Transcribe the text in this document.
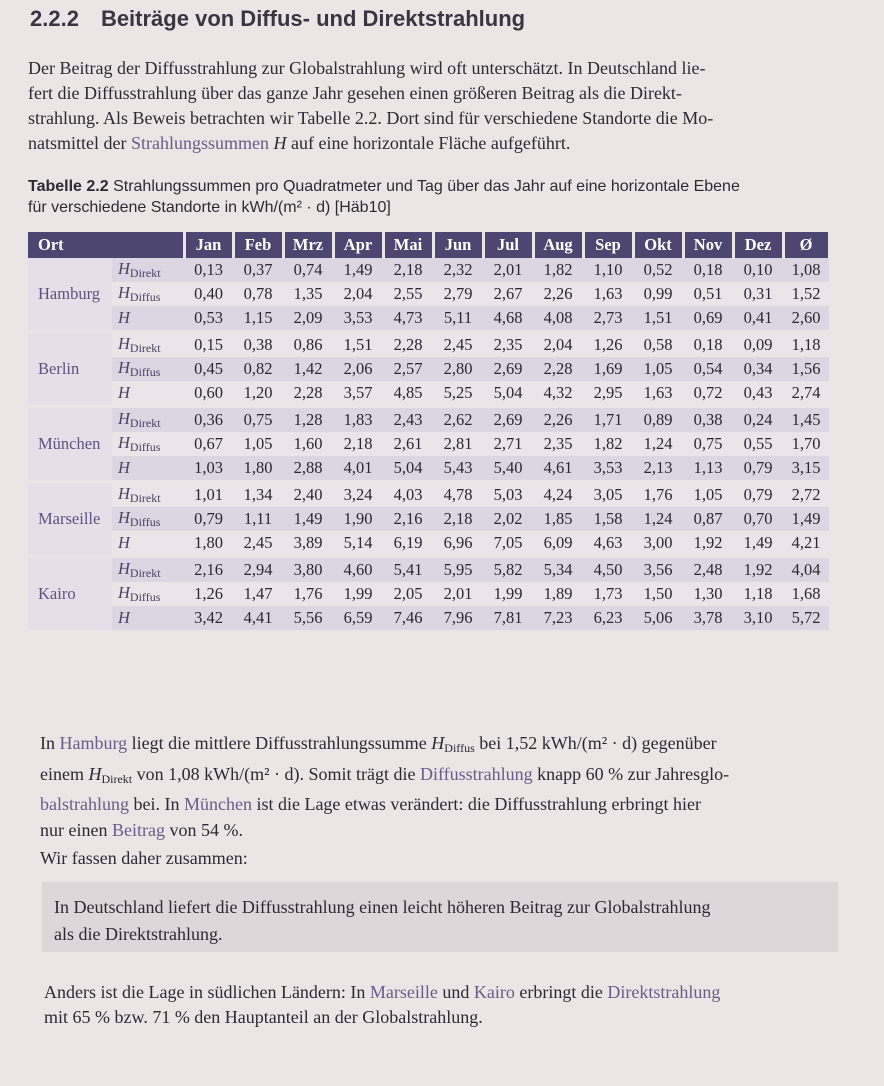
2.2.2 Beiträge von Diffus- und Direktstrahlung
Der Beitrag der Diffusstrahlung zur Globalstrahlung wird oft unterschätzt. In Deutschland lie-
fert die Diffusstrahlung über das ganze Jahr gesehen einen größeren Beitrag als die Direkt-
strahlung. Als Beweis betrachten wir Tabelle 2.2. Dort sind für verschiedene Standorte die Mo-
natsmittel der Strahlungssummen H auf eine horizontale Fläche aufgeführt.
Tabelle 2.2 Strahlungssummen pro Quadratmeter und Tag über das Jahr auf eine horizontale Ebene
für verschiedene Standorte in kWh/(m² · d) [Häb10]
Ort		Jan	Feb	Mrz	Apr	Mai	Jun	Jul	Aug	Sep	Okt	Nov	Dez	Ø
Hamburg	$H_{Direkt}$	0,13	0,37	0,74	1,49	2,18	2,32	2,01	1,82	1,10	0,52	0,18	0,10	1,08
	$H_{Diffus}$	0,40	0,78	1,35	2,04	2,55	2,79	2,67	2,26	1,63	0,99	0,51	0,31	1,52
	H	0,53	1,15	2,09	3,53	4,73	5,11	4,68	4,08	2,73	1,51	0,69	0,41	2,60
Berlin	$H_{Direkt}$	0,15	0,38	0,86	1,51	2,28	2,45	2,35	2,04	1,26	0,58	0,18	0,09	1,18
	$H_{Diffus}$	0,45	0,82	1,42	2,06	2,57	2,80	2,69	2,28	1,69	1,05	0,54	0,34	1,56
	H	0,60	1,20	2,28	3,57	4,85	5,25	5,04	4,32	2,95	1,63	0,72	0,43	2,74
München	$H_{Direkt}$	0,36	0,75	1,28	1,83	2,43	2,62	2,69	2,26	1,71	0,89	0,38	0,24	1,45
	$H_{Diffus}$	0,67	1,05	1,60	2,18	2,61	2,81	2,71	2,35	1,82	1,24	0,75	0,55	1,70
	H	1,03	1,80	2,88	4,01	5,04	5,43	5,40	4,61	3,53	2,13	1,13	0,79	3,15
Marseille	$H_{Direkt}$	1,01	1,34	2,40	3,24	4,03	4,78	5,03	4,24	3,05	1,76	1,05	0,79	2,72
	$H_{Diffus}$	0,79	1,11	1,49	1,90	2,16	2,18	2,02	1,85	1,58	1,24	0,87	0,70	1,49
	H	1,80	2,45	3,89	5,14	6,19	6,96	7,05	6,09	4,63	3,00	1,92	1,49	4,21
Kairo	$H_{Direkt}$	2,16	2,94	3,80	4,60	5,41	5,95	5,82	5,34	4,50	3,56	2,48	1,92	4,04
	$H_{Diffus}$	1,26	1,47	1,76	1,99	2,05	2,01	1,99	1,89	1,73	1,50	1,30	1,18	1,68
	H	3,42	4,41	5,56	6,59	7,46	7,96	7,81	7,23	6,23	5,06	3,78	3,10	5,72
In Hamburg liegt die mittlere Diffusstrahlungssumme $H_{Diffus}$ bei 1,52 kWh/(m² · d) gegenüber
einem $H_{Direkt}$ von 1,08 kWh/(m² · d). Somit trägt die Diffusstrahlung knapp 60 % zur Jahresglo-
balstrahlung bei. In München ist die Lage etwas verändert: die Diffusstrahlung erbringt hier
nur einen Beitrag von 54 %.
Wir fassen daher zusammen:
In Deutschland liefert die Diffusstrahlung einen leicht höheren Beitrag zur Globalstrahlung
als die Direktstrahlung.
Anders ist die Lage in südlichen Ländern: In Marseille und Kairo erbringt die Direktstrahlung
mit 65 % bzw. 71 % den Hauptanteil an der Globalstrahlung.
